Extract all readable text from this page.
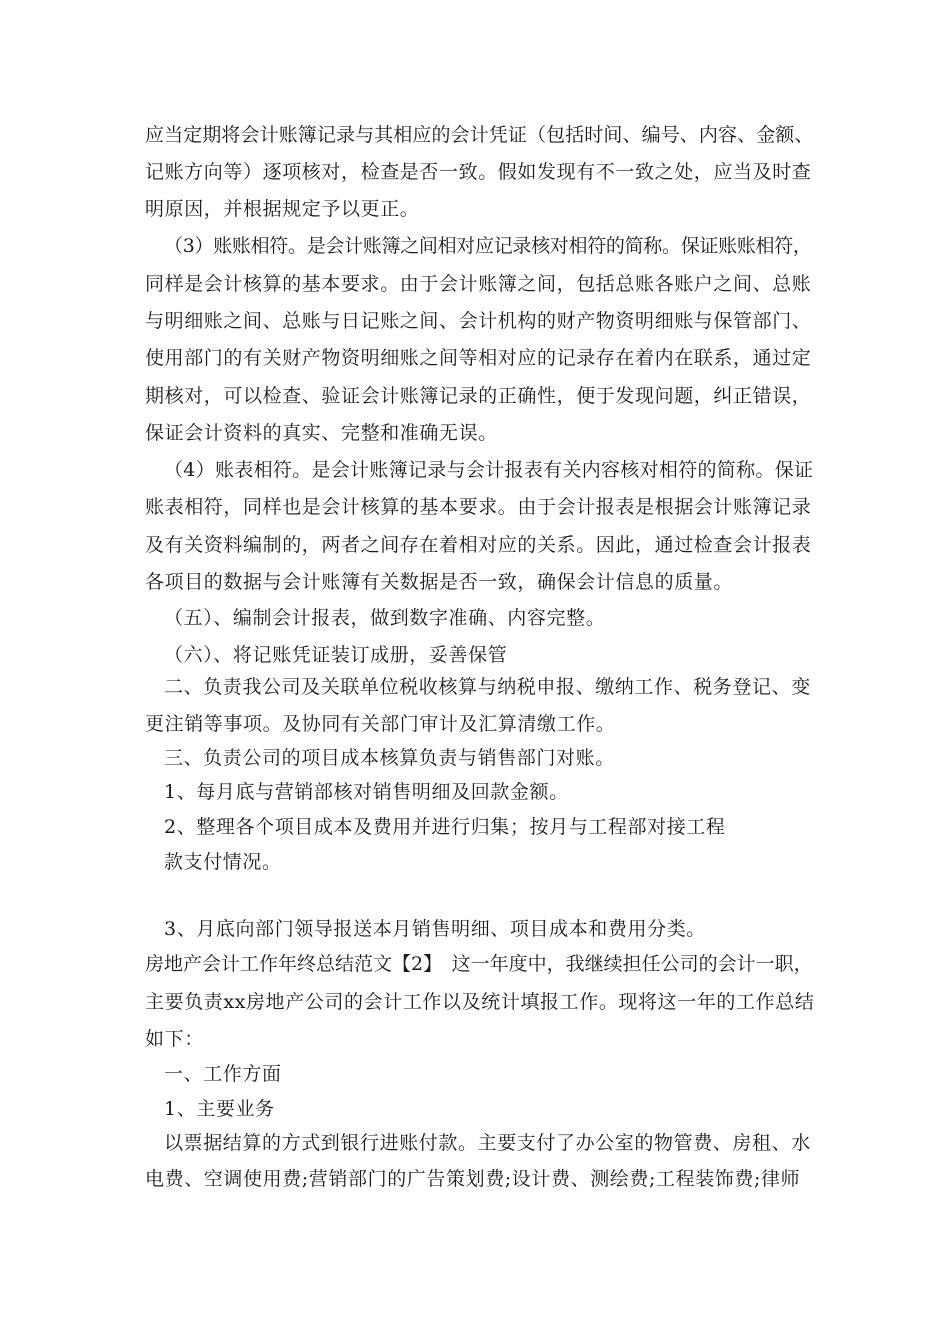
应当定期将会计账簿记录与其相应的会计凭证（包括时间、编号、内容、金额、
记账方向等）逐项核对，检查是否一致。假如发现有不一致之处，应当及时查
明原因，并根据规定予以更正。
（3）账账相符。是会计账簿之间相对应记录核对相符的简称。保证账账相符，
同样是会计核算的基本要求。由于会计账簿之间，包括总账各账户之间、总账
与明细账之间、总账与日记账之间、会计机构的财产物资明细账与保管部门、
使用部门的有关财产物资明细账之间等相对应的记录存在着内在联系，通过定
期核对，可以检查、验证会计账簿记录的正确性，便于发现问题，纠正错误，
保证会计资料的真实、完整和准确无误。
（4）账表相符。是会计账簿记录与会计报表有关内容核对相符的简称。保证
账表相符，同样也是会计核算的基本要求。由于会计报表是根据会计账簿记录
及有关资料编制的，两者之间存在着相对应的关系。因此，通过检查会计报表
各项目的数据与会计账簿有关数据是否一致，确保会计信息的质量。
（五）、编制会计报表，做到数字准确、内容完整。
（六）、将记账凭证装订成册，妥善保管
二、负责我公司及关联单位税收核算与纳税申报、缴纳工作、税务登记、变
更注销等事项。及协同有关部门审计及汇算清缴工作。
三、负责公司的项目成本核算负责与销售部门对账。
1、每月底与营销部核对销售明细及回款金额。
2、整理各个项目成本及费用并进行归集；按月与工程部对接工程
款支付情况。
3、月底向部门领导报送本月销售明细、项目成本和费用分类。
房地产会计工作年终总结范文【2】　这一年度中，我继续担任公司的会计一职，
主要负责xx房地产公司的会计工作以及统计填报工作。现将这一年的工作总结
如下：
一、工作方面
1、主要业务
以票据结算的方式到银行进账付款。主要支付了办公室的物管费、房租、水
电费、空调使用费;营销部门的广告策划费;设计费、测绘费;工程装饰费;律师
